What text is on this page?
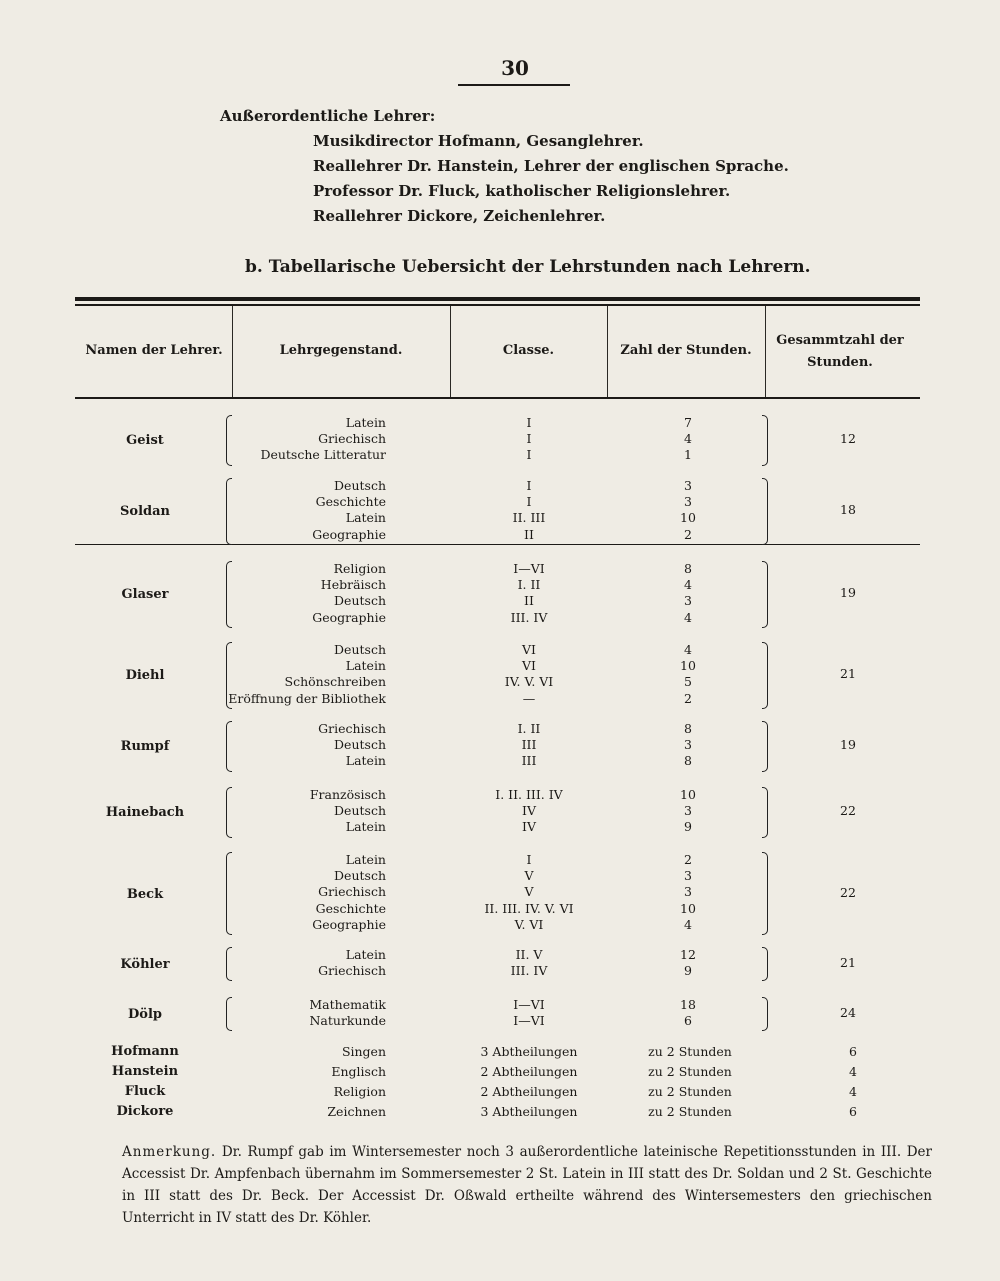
30
Außerordentliche Lehrer:
Musikdirector Hofmann, Gesanglehrer.
Reallehrer Dr. Hanstein, Lehrer der englischen Sprache.
Professor Dr. Fluck, katholischer Religionslehrer.
Reallehrer Dickore, Zeichenlehrer.
b. Tabellarische Uebersicht der Lehrstunden nach Lehrern.
Namen der Lehrer.	Lehrgegenstand.	Classe.	Zahl der Stunden.
Gesammtzahl der Stunden.
Geist
Latein	I	7
Griechisch	I	4
Deutsche Litteratur	I	1
12
Soldan
Deutsch	I	3
Geschichte	I	3
Latein	II. III	10
Geographie	II	2
18
Glaser
Religion	I—VI	8
Hebräisch	I. II	4
Deutsch	II	3
Geographie	III. IV	4
19
Diehl
Deutsch	VI	4
Latein	VI	10
Schönschreiben	IV. V. VI	5
Eröffnung der Bibliothek	—	2
21
Rumpf
Griechisch	I. II	8
Deutsch	III	3
Latein	III	8
19
Hainebach
Französisch	I. II. III. IV	10
Deutsch	IV	3
Latein	IV	9
22
Beck
Latein	I	2
Deutsch	V	3
Griechisch	V	3
Geschichte	II. III. IV. V. VI	10
Geographie	V. VI	4
22
Köhler
Latein	II. V	12
Griechisch	III. IV	9
21
Dölp
Mathematik	I—VI	18
Naturkunde	I—VI	6
24
Hofmann	Singen	3 Abtheilungen	zu 2 Stunden	6
Hanstein	Englisch	2 Abtheilungen	zu 2 Stunden	4
Fluck	Religion	2 Abtheilungen	zu 2 Stunden	4
Dickore	Zeichnen	3 Abtheilungen	zu 2 Stunden	6
Anmerkung. Dr. Rumpf gab im Wintersemester noch 3 außerordentliche lateinische Repetitionsstunden in III. Der Accessist Dr. Ampfenbach übernahm im Sommersemester 2 St. Latein in III statt des Dr. Soldan und 2 St. Geschichte in III statt des Dr. Beck. Der Accessist Dr. Oßwald ertheilte während des Wintersemesters den griechischen Unterricht in IV statt des Dr. Köhler.
